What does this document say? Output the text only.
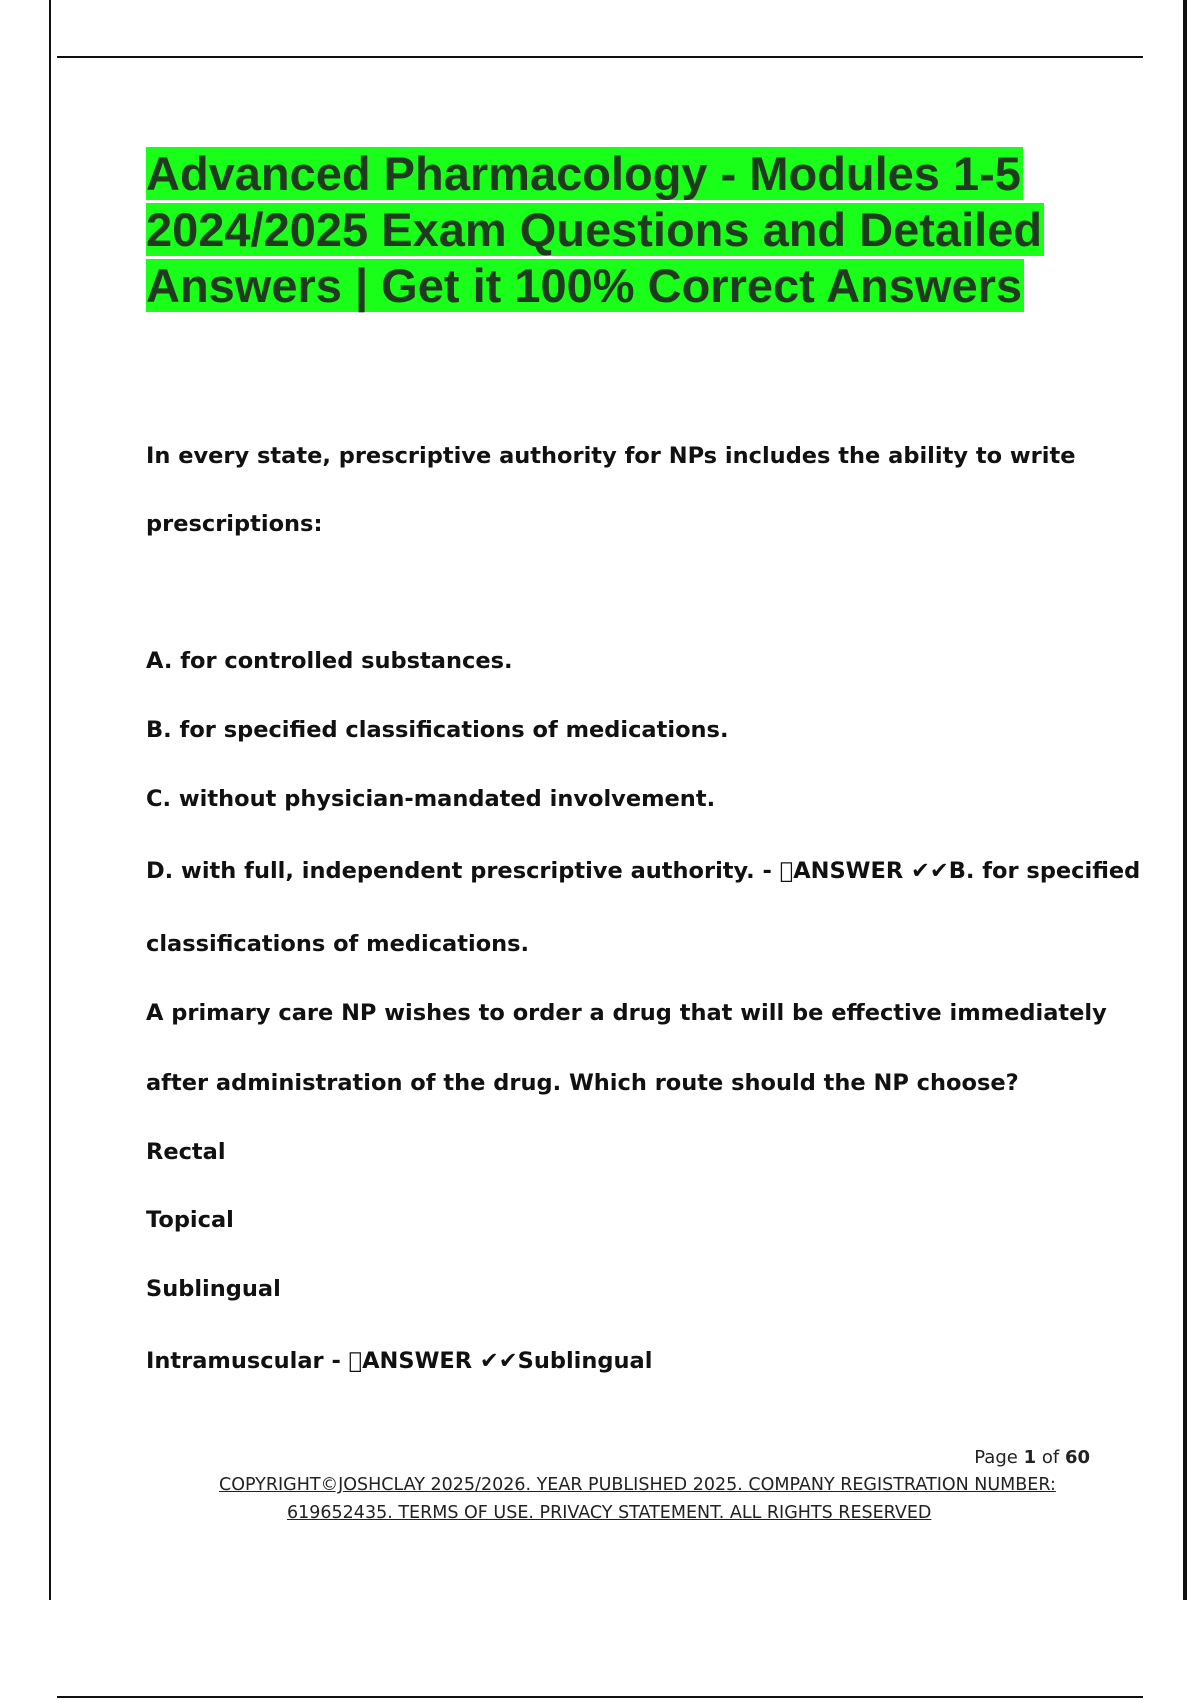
Advanced Pharmacology - Modules 1-5
2024/2025 Exam Questions and Detailed
Answers | Get it 100% Correct Answers
In every state, prescriptive authority for NPs includes the ability to write
prescriptions:
A. for controlled substances.
B. for specified classifications of medications.
C. without physician-mandated involvement.
D. with full, independent prescriptive authority. -  ANSWER ✔✔B. for specified
classifications of medications.
A primary care NP wishes to order a drug that will be effective immediately
after administration of the drug. Which route should the NP choose?
Rectal
Topical
Sublingual
Intramuscular -  ANSWER ✔✔Sublingual
Page 1 of 60
COPYRIGHT©JOSHCLAY 2025/2026. YEAR PUBLISHED 2025. COMPANY REGISTRATION NUMBER:
619652435. TERMS OF USE. PRIVACY STATEMENT. ALL RIGHTS RESERVED
